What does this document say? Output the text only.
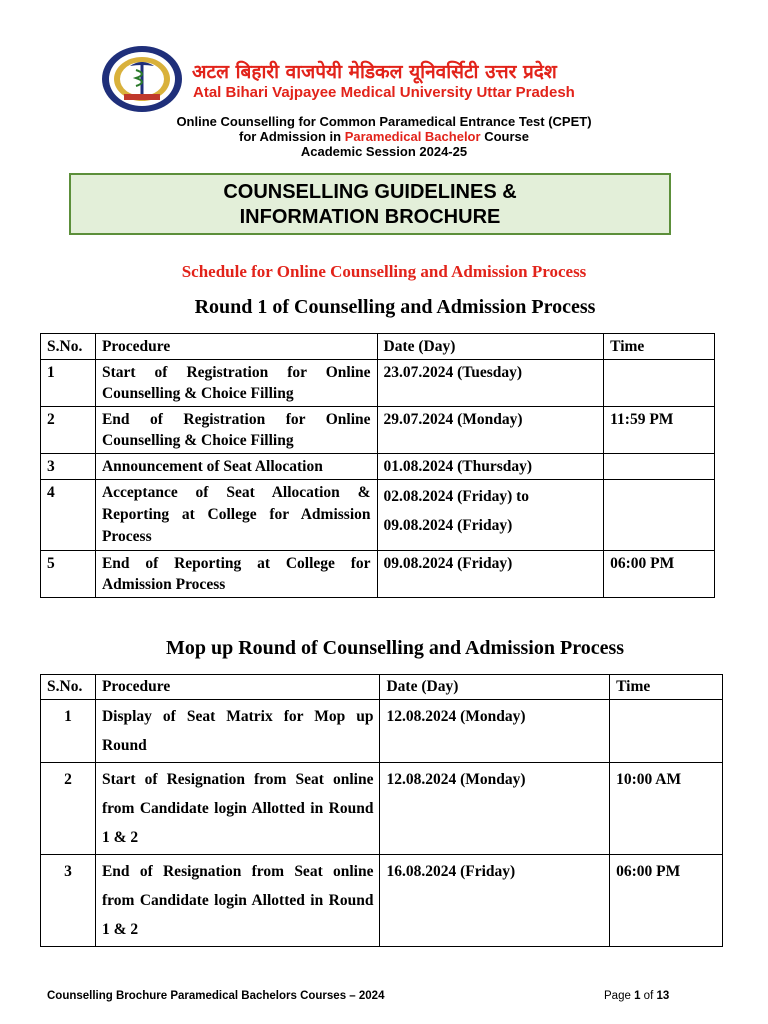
अटल बिहारी वाजपेयी मेडिकल यूनिवर्सिटी उत्तर प्रदेश
Atal Bihari Vajpayee Medical University Uttar Pradesh
Online Counselling for Common Paramedical Entrance Test (CPET)
for Admission in Paramedical Bachelor Course
Academic Session 2024-25
COUNSELLING GUIDELINES &
INFORMATION BROCHURE
Schedule for Online Counselling and Admission Process
Round 1 of Counselling and Admission Process
S.No.	Procedure	Date (Day)	Time
1	Start of Registration for Online Counselling & Choice Filling	23.07.2024 (Tuesday)	
2	End of Registration for Online Counselling & Choice Filling	29.07.2024 (Monday)	11:59 PM
3	Announcement of Seat Allocation	01.08.2024 (Thursday)	
4	Acceptance of Seat Allocation & Reporting at College for Admission Process	02.08.2024 (Friday) to
09.08.2024 (Friday)	

5	End of Reporting at College for Admission Process	09.08.2024 (Friday)	06:00 PM
Mop up Round of Counselling and Admission Process
S.No.	Procedure	Date (Day)	Time
1	Display of Seat Matrix for Mop up Round	12.08.2024 (Monday)	
2	Start of Resignation from Seat online from Candidate login Allotted in Round 1 & 2	12.08.2024 (Monday)	10:00 AM
3	End of Resignation from Seat online from Candidate login Allotted in Round 1 & 2	16.08.2024 (Friday)	06:00 PM
Counselling Brochure Paramedical Bachelors Courses – 2024	Page 1 of 13
